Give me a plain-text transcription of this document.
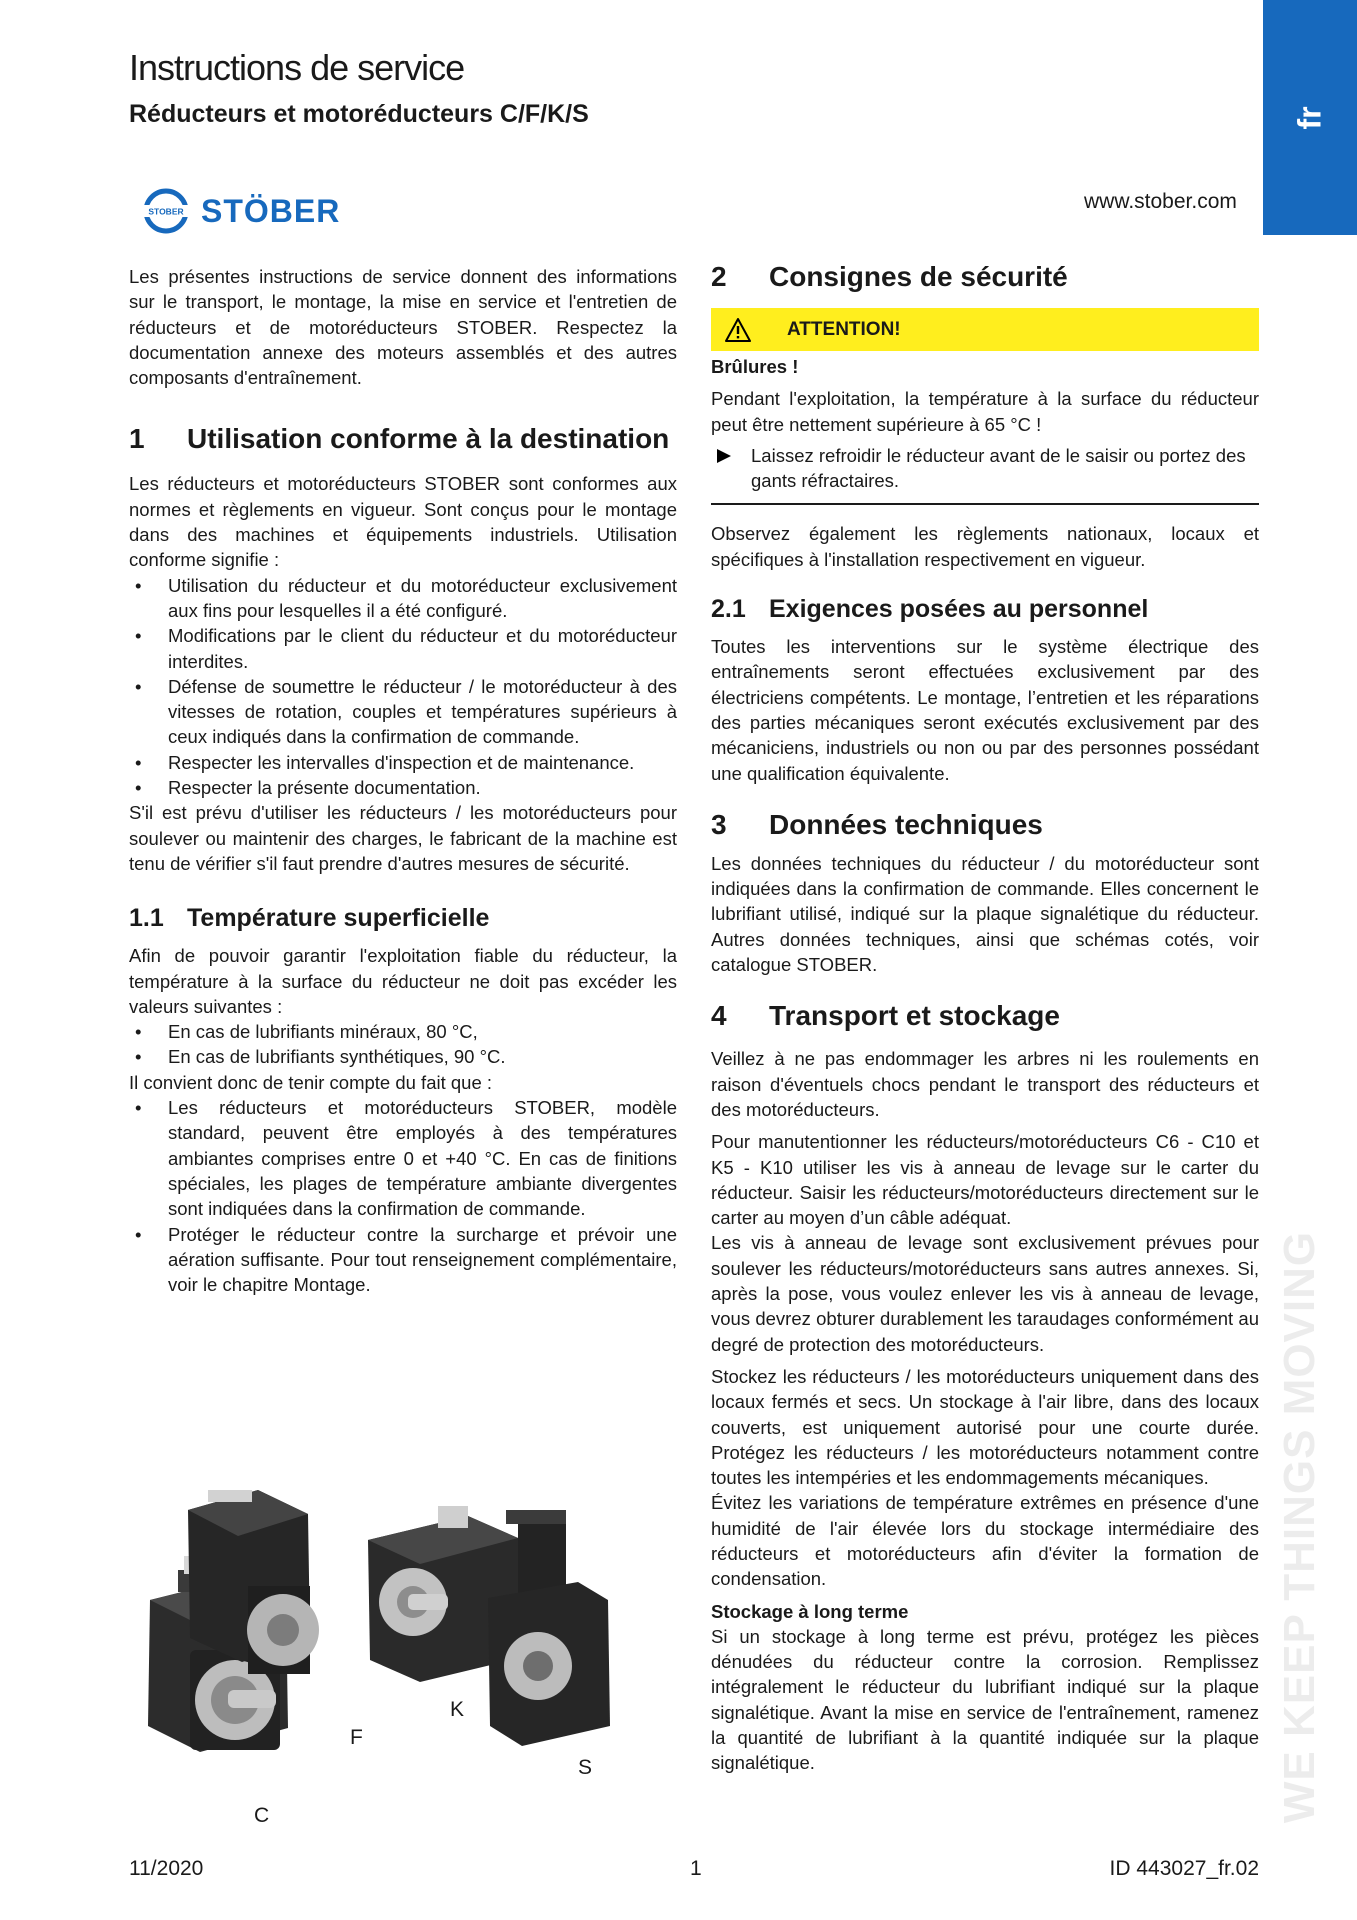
Instructions de service
Réducteurs et motoréducteurs C/F/K/S	fr
STOBER STÖBER	www.stober.com

Les présentes instructions de service donnent des informations sur le transport, le montage, la mise en service et l'entretien de réducteurs et de motoréducteurs STOBER. Respectez la documentation annexe des moteurs assemblés et des autres composants d'entraînement.

1	Utilisation conforme à la destination

Les réducteurs et motoréducteurs STOBER sont conformes aux normes et règlements en vigueur. Sont conçus pour le montage dans des machines et équipements industriels. Utilisation conforme signifie :

• Utilisation du réducteur et du motoréducteur exclusivement aux fins pour lesquelles il a été configuré.
• Modifications par le client du réducteur et du motoréducteur interdites.
• Défense de soumettre le réducteur / le motoréducteur à des vitesses de rotation, couples et températures supérieurs à ceux indiqués dans la confirmation de commande.
• Respecter les intervalles d'inspection et de maintenance.
• Respecter la présente documentation.

S'il est prévu d'utiliser les réducteurs / les motoréducteurs pour soulever ou maintenir des charges, le fabricant de la machine est tenu de vérifier s'il faut prendre d'autres mesures de sécurité.

1.1 Température superficielle

Afin de pouvoir garantir l'exploitation fiable du réducteur, la température à la surface du réducteur ne doit pas excéder les valeurs suivantes :

• En cas de lubrifiants minéraux, 80 °C,
• En cas de lubrifiants synthétiques, 90 °C.

Il convient donc de tenir compte du fait que :

• Les réducteurs et motoréducteurs STOBER, modèle standard, peuvent être employés à des températures ambiantes comprises entre 0 et +40 °C. En cas de finitions spéciales, les plages de température ambiante divergentes sont indiquées dans la confirmation de commande.
• Protéger le réducteur contre la surcharge et prévoir une aération suffisante. Pour tout renseignement complémentaire, voir le chapitre Montage.
C
F
K
S
2	Consignes de sécurité
ATTENTION!

Brûlures !

Pendant l'exploitation, la température à la surface du réducteur peut être nettement supérieure à 65 °C !

Laissez refroidir le réducteur avant de le saisir ou portez des gants réfractaires.

Observez également les règlements nationaux, locaux et spécifiques à l'installation respectivement en vigueur.

2.1 Exigences posées au personnel

Toutes les interventions sur le système électrique des entraînements seront effectuées exclusivement par des électriciens compétents. Le montage, l’entretien et les réparations des parties mécaniques seront exécutés exclusivement par des mécaniciens, industriels ou non ou par des personnes possédant une qualification équivalente.

3	Données techniques

Les données techniques du réducteur / du motoréducteur sont indiquées dans la confirmation de commande. Elles concernent le lubrifiant utilisé, indiqué sur la plaque signalétique du réducteur. Autres données techniques, ainsi que schémas cotés, voir catalogue STOBER.

4	Transport et stockage

Veillez à ne pas endommager les arbres ni les roulements en raison d'éventuels chocs pendant le transport des réducteurs et des motoréducteurs.

Pour manutentionner les réducteurs/motoréducteurs C6 - C10 et K5 - K10 utiliser les vis à anneau de levage sur le carter du réducteur. Saisir les réducteurs/motoréducteurs directement sur le carter au moyen d’un câble adéquat.

Les vis à anneau de levage sont exclusivement prévues pour soulever les réducteurs/motoréducteurs sans autres annexes. Si, après la pose, vous voulez enlever les vis à anneau de levage, vous devrez obturer durablement les taraudages conformément au degré de protection des motoréducteurs.

Stockez les réducteurs / les motoréducteurs uniquement dans des locaux fermés et secs. Un stockage à l'air libre, dans des locaux couverts, est uniquement autorisé pour une courte durée. Protégez les réducteurs / les motoréducteurs notamment contre toutes les intempéries et les endommagements mécaniques.

Évitez les variations de température extrêmes en présence d'une humidité de l'air élevée lors du stockage intermédiaire des réducteurs et motoréducteurs afin d'éviter la formation de condensation.

Stockage à long terme

Si un stockage à long terme est prévu, protégez les pièces dénudées du réducteur contre la corrosion. Remplissez intégralement le réducteur du lubrifiant indiqué sur la plaque signalétique. Avant la mise en service de l'entraînement, ramenez la quantité de lubrifiant à la quantité indiquée sur la plaque signalétique.	WE KEEP THINGS MOVING
11/2020	1	ID 443027_fr.02
